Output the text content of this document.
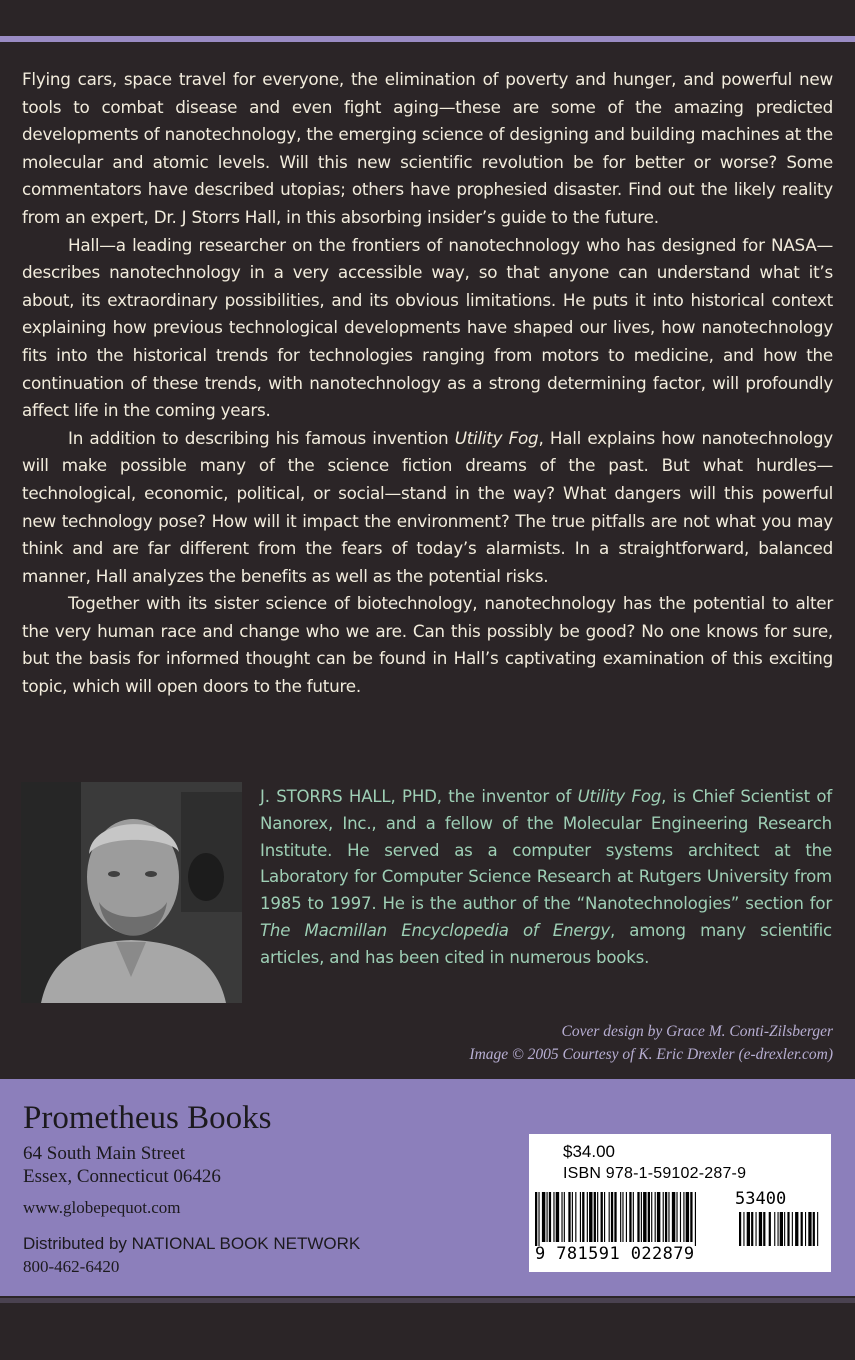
Flying cars, space travel for everyone, the elimination of poverty and hunger, and powerful new tools to combat disease and even fight aging—these are some of the amazing predicted developments of nanotechnology, the emerging science of designing and building machines at the molecular and atomic levels. Will this new scientific revolution be for better or worse? Some commentators have described utopias; others have prophesied disaster. Find out the likely reality from an expert, Dr. J Storrs Hall, in this absorbing insider’s guide to the future.

Hall—a leading researcher on the frontiers of nanotechnology who has designed for NASA—describes nanotechnology in a very accessible way, so that anyone can understand what it’s about, its extraordinary possibilities, and its obvious limitations. He puts it into historical context explaining how previous technological developments have shaped our lives, how nanotechnology fits into the historical trends for technologies ranging from motors to medicine, and how the continuation of these trends, with nanotechnology as a strong determining factor, will profoundly affect life in the coming years.

In addition to describing his famous invention Utility Fog, Hall explains how nanotechnology will make possible many of the science fiction dreams of the past. But what hurdles—technological, economic, political, or social—stand in the way? What dangers will this powerful new technology pose? How will it impact the environment? The true pitfalls are not what you may think and are far different from the fears of today’s alarmists. In a straightforward, balanced manner, Hall analyzes the benefits as well as the potential risks.

Together with its sister science of biotechnology, nanotechnology has the potential to alter the very human race and change who we are. Can this possibly be good? No one knows for sure, but the basis for informed thought can be found in Hall’s captivating examination of this exciting topic, which will open doors to the future.

J. STORRS HALL, PHD, the inventor of Utility Fog, is Chief Scientist of Nanorex, Inc., and a fellow of the Molecular Engineering Research Institute. He served as a computer systems architect at the Laboratory for Computer Science Research at Rutgers University from 1985 to 1997. He is the author of the “Nanotechnologies” section for The Macmillan Encyclopedia of Energy, among many scientific articles, and has been cited in numerous books.
Cover design by Grace M. Conti-Zilsberger
Image © 2005 Courtesy of K. Eric Drexler (e-drexler.com)
Prometheus Books
64 South Main Street
Essex, Connecticut 06426
www.globepequot.com
Distributed by NATIONAL BOOK NETWORK
800-462-6420
$34.00
ISBN 978-1-59102-287-9
53400
9 781591 022879
